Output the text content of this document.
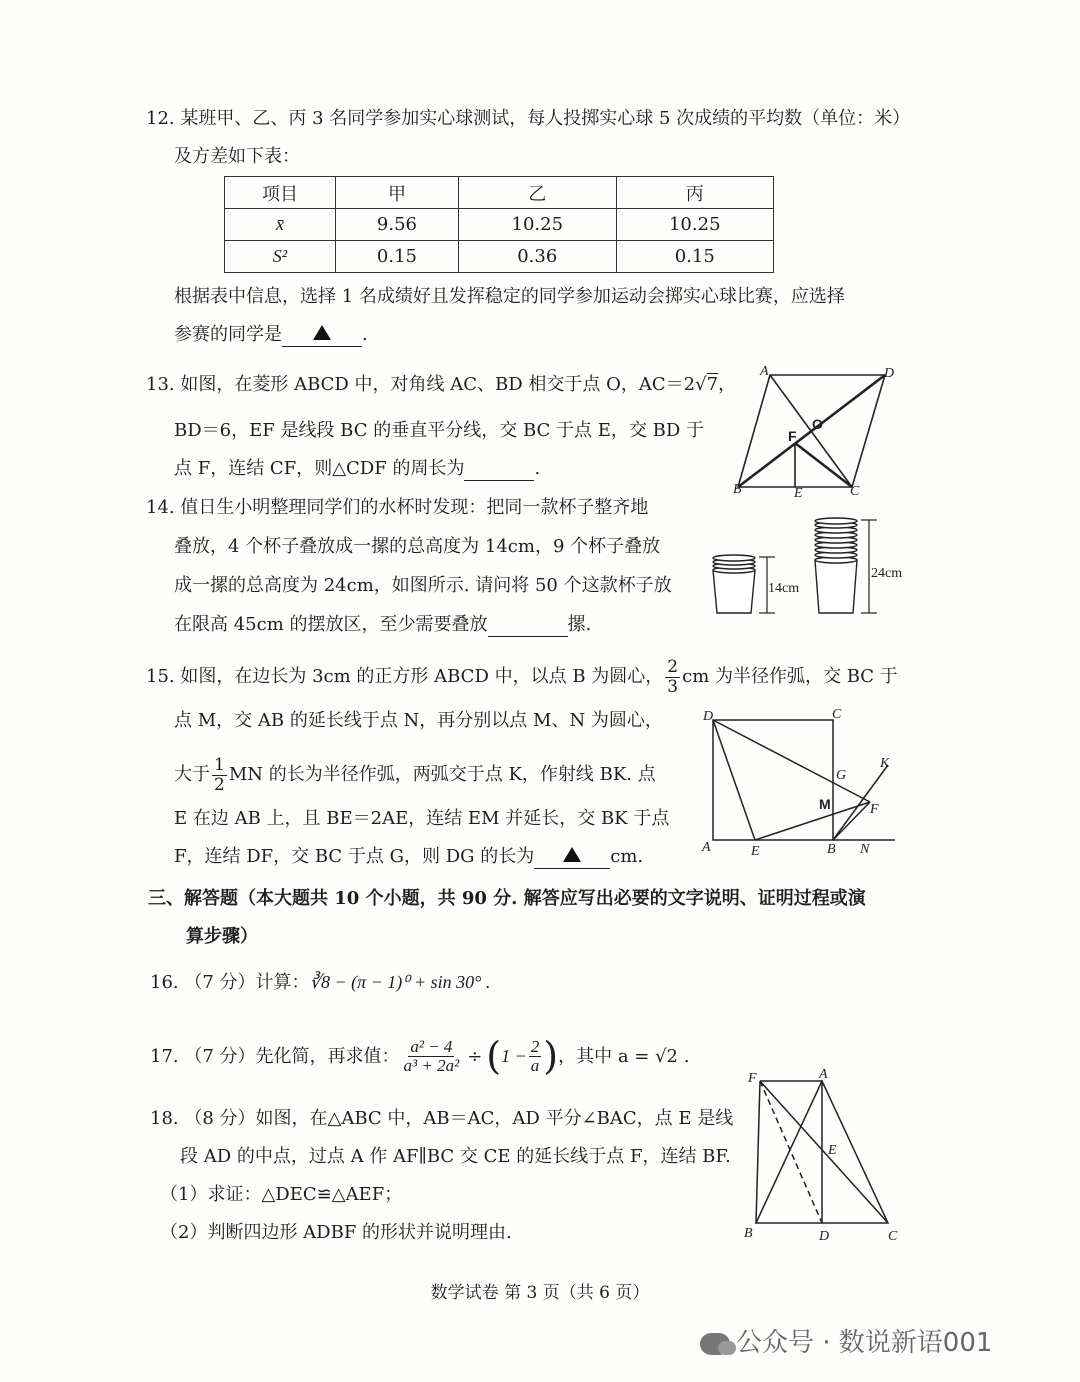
12. 某班甲、乙、丙 3 名同学参加实心球测试，每人投掷实心球 5 次成绩的平均数（单位：米）
及方差如下表：
项目	甲	乙	丙
x̄	9.56	10.25	10.25
S²	0.15	0.36	0.15
根据表中信息，选择 1 名成绩好且发挥稳定的同学参加运动会掷实心球比赛，应选择
参赛的同学是	.
13. 如图，在菱形 ABCD 中，对角线 AC、BD 相交于点 O，AC＝2√7，
BD＝6，EF 是线段 BC 的垂直平分线，交 BC 于点 E，交 BD 于
点 F，连结 CF，则△CDF 的周长为	.
A	D
O
F
B	E	C
14. 值日生小明整理同学们的水杯时发现：把同一款杯子整齐地
叠放，4 个杯子叠放成一摞的总高度为 14cm，9 个杯子叠放
成一摞的总高度为 24cm，如图所示. 请问将 50 个这款杯子放
在限高 45cm 的摆放区，至少需要叠放	摞.
14cm
24cm
15. 如图，在边长为 3cm 的正方形 ABCD 中，以点 B 为圆心， $\frac{2}{3}$ cm 为半径作弧，交 BC 于
点 M，交 AB 的延长线于点 N，再分别以点 M、N 为圆心，
大于 $\frac{1}{2}$ MN 的长为半径作弧，两弧交于点 K，作射线 BK. 点
E 在边 AB 上，且 BE＝2AE，连结 EM 并延长，交 BK 于点
F，连结 DF，交 BC 于点 G，则 DG 的长为	cm.
D	C
K
G
M	F
A	E	B N
三、解答题（本大题共 10 个小题，共 90 分. 解答应写出必要的文字说明、证明过程或演
算步骤）
16. （7 分）计算：∛8 − (π − 1)⁰ + sin 30° .
17. （7 分）先化简，再求值： $\frac{\text{a² − 4}}{\text{a³ + 2a²}}$ ÷ ( $1 - \frac{2}{a}$ ) ，其中 a = √2 .
18. （8 分）如图，在△ABC 中，AB＝AC，AD 平分∠BAC，点 E 是线
段 AD 的中点，过点 A 作 AF∥BC 交 CE 的延长线于点 F，连结 BF.
（1）求证：△DEC≌△AEF；
（2）判断四边形 ADBF 的形状并说明理由.
F	A
E
B	D	C
数学试卷 第 3 页（共 6 页）
公众号 · 数说新语001
